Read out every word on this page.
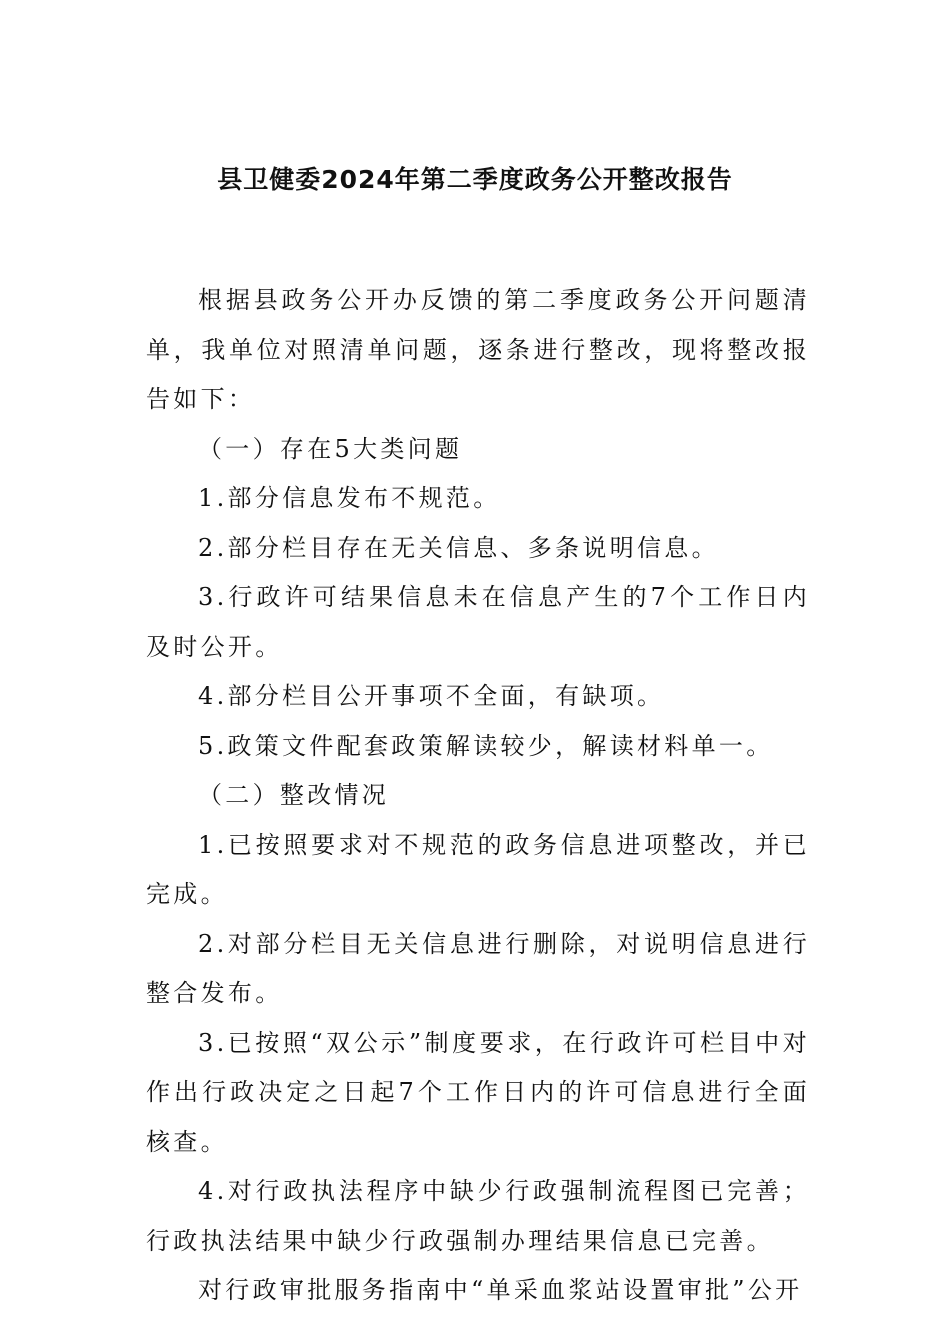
县卫健委2024年第二季度政务公开整改报告

根据县政务公开办反馈的第二季度政务公开问题清单，我单位对照清单问题，逐条进行整改，现将整改报告如下：

（一）存在5大类问题

1.部分信息发布不规范。

2.部分栏目存在无关信息、多条说明信息。

3.行政许可结果信息未在信息产生的7个工作日内及时公开。

4.部分栏目公开事项不全面，有缺项。

5.政策文件配套政策解读较少，解读材料单一。

（二）整改情况

1.已按照要求对不规范的政务信息进项整改，并已完成。

2.对部分栏目无关信息进行删除，对说明信息进行整合发布。

3.已按照“双公示”制度要求，在行政许可栏目中对作出行政决定之日起7个工作日内的许可信息进行全面核查。

4.对行政执法程序中缺少行政强制流程图已完善；行政执法结果中缺少行政强制办理结果信息已完善。

对行政审批服务指南中“单采血浆站设置审批”公开
